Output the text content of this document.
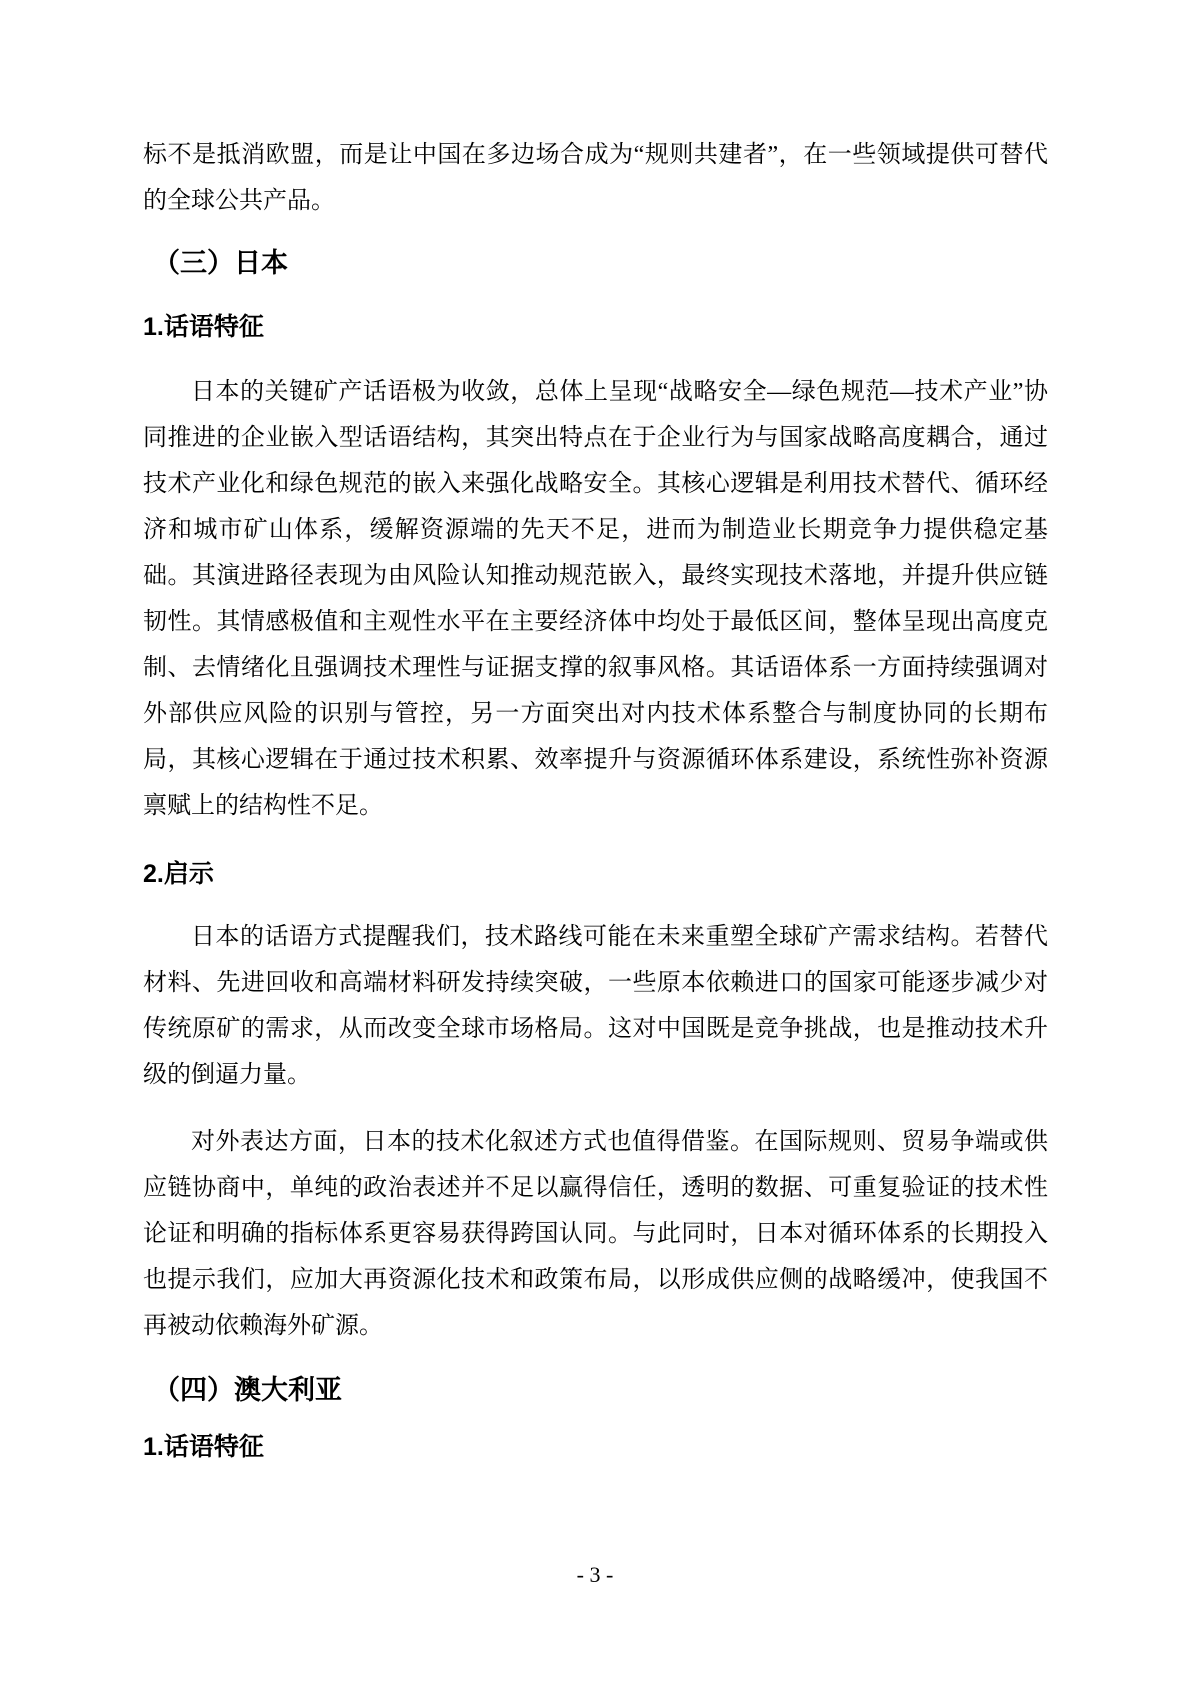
标不是抵消欧盟，而是让中国在多边场合成为“规则共建者”，在一些领域提供可替代的全球公共产品。

（三）日本
1.话语特征

日本的关键矿产话语极为收敛，总体上呈现“战略安全—绿色规范—技术产业”协同推进的企业嵌入型话语结构，其突出特点在于企业行为与国家战略高度耦合，通过技术产业化和绿色规范的嵌入来强化战略安全。其核心逻辑是利用技术替代、循环经济和城市矿山体系，缓解资源端的先天不足，进而为制造业长期竞争力提供稳定基础。其演进路径表现为由风险认知推动规范嵌入，最终实现技术落地，并提升供应链韧性。其情感极值和主观性水平在主要经济体中均处于最低区间，整体呈现出高度克制、去情绪化且强调技术理性与证据支撑的叙事风格。其话语体系一方面持续强调对外部供应风险的识别与管控，另一方面突出对内技术体系整合与制度协同的长期布局，其核心逻辑在于通过技术积累、效率提升与资源循环体系建设，系统性弥补资源禀赋上的结构性不足。

2.启示

日本的话语方式提醒我们，技术路线可能在未来重塑全球矿产需求结构。若替代材料、先进回收和高端材料研发持续突破，一些原本依赖进口的国家可能逐步减少对传统原矿的需求，从而改变全球市场格局。这对中国既是竞争挑战，也是推动技术升级的倒逼力量。

对外表达方面，日本的技术化叙述方式也值得借鉴。在国际规则、贸易争端或供应链协商中，单纯的政治表述并不足以赢得信任，透明的数据、可重复验证的技术性论证和明确的指标体系更容易获得跨国认同。与此同时，日本对循环体系的长期投入也提示我们，应加大再资源化技术和政策布局，以形成供应侧的战略缓冲，使我国不再被动依赖海外矿源。

（四）澳大利亚
1.话语特征
- 3 -
